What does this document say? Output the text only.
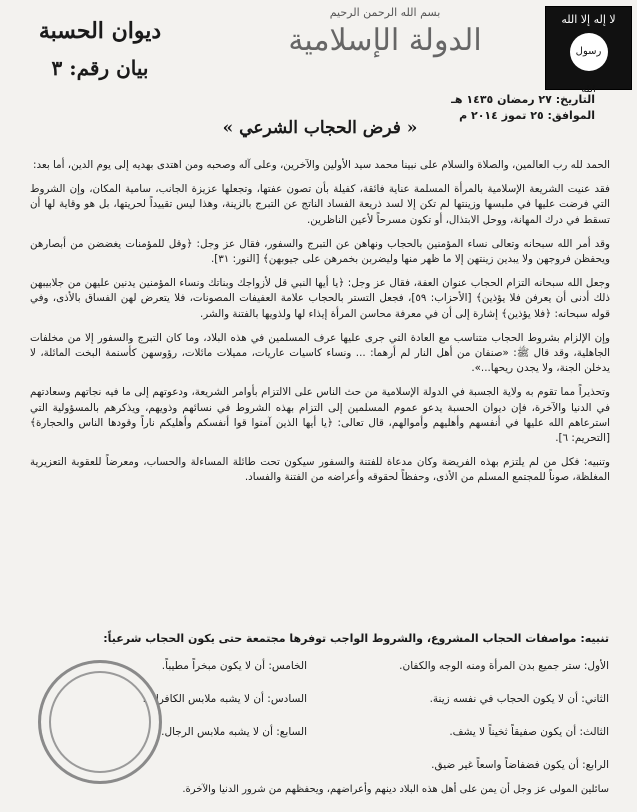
لا إله إلا الله
رسول الله
بسم الله الرحمن الرحيم
الدولة الإسلامية
ديوان الحسبة
بيان رقم: ٣
التاريخ: ٢٧ رمضان ١٤٣٥ هـ
الموافق: ٢٥ تموز ٢٠١٤ م
« فرض الحجاب الشرعي »

الحمد لله رب العالمين، والصلاة والسلام على نبينا محمد سيد الأولين والآخرين، وعلى آله وصحبه ومن اهتدى بهديه إلى يوم الدين، أما بعد:

فقد عنيت الشريعة الإسلامية بالمرأة المسلمة عناية فائقة، كفيلة بأن تصون عفتها، وتجعلها عزيزة الجانب، سامية المكان، وإن الشروط التي فرضت عليها في ملبسها وزينتها لم تكن إلا لسد ذريعة الفساد الناتج عن التبرج بالزينة، وهذا ليس تقييداً لحريتها، بل هو وقاية لها أن تسقط في درك المهانة، ووحل الابتذال، أو تكون مسرحاً لأعين الناظرين.

وقد أمر الله سبحانه وتعالى نساء المؤمنين بالحجاب ونهاهن عن التبرج والسفور، فقال عز وجل: ﴿وقل للمؤمنات يغضضن من أبصارهن ويحفظن فروجهن ولا يبدين زينتهن إلا ما ظهر منها وليضربن بخمرهن على جيوبهن﴾ [النور: ٣١].

وجعل الله سبحانه التزام الحجاب عنوان العفة، فقال عز وجل: ﴿يا أيها النبي قل لأزواجك وبناتك ونساء المؤمنين يدنين عليهن من جلابيبهن ذلك أدنى أن يعرفن فلا يؤذين﴾ [الأحزاب: ٥٩]، فجعل التستر بالحجاب علامة العفيفات المصونات، فلا يتعرض لهن الفساق بالأذى، وفي قوله سبحانه: ﴿فلا يؤذين﴾ إشارة إلى أن في معرفة محاسن المرأة إيذاء لها ولذويها بالفتنة والشر.

وإن الإلزام بشروط الحجاب متناسب مع العادة التي جرى عليها عرف المسلمين في هذه البلاد، وما كان التبرج والسفور إلا من مخلفات الجاهلية، وقد قال ﷺ: «صنفان من أهل النار لم أرهما: ... ونساء كاسيات عاريات، مميلات مائلات، رؤوسهن كأسنمة البخت المائلة، لا يدخلن الجنة، ولا يجدن ريحها...».

وتحذيراً مما تقوم به ولاية الجسبة في الدولة الإسلامية من حث الناس على الالتزام بأوامر الشريعة، ودعوتهم إلى ما فيه نجاتهم وسعادتهم في الدنيا والآخرة، فإن ديوان الحسبة يدعو عموم المسلمين إلى التزام بهذه الشروط في نسائهم وذويهم، ويذكرهم بالمسؤولية التي استرعاهم الله عليها في أنفسهم وأهليهم وأموالهم، قال تعالى: ﴿يا أيها الذين آمنوا قوا أنفسكم وأهليكم ناراً وقودها الناس والحجارة﴾ [التحريم: ٦].

وتنبيه: فكل من لم يلتزم بهذه الفريضة وكان مدعاة للفتنة والسفور سيكون تحت طائلة المساءلة والحساب، ومعرضاً للعقوبة التعزيرية المغلظة، صوناً للمجتمع المسلم من الأذى، وحفظاً لحقوقه وأعراضه من الفتنة والفساد.

تنبيه: مواصفات الحجاب المشروع، والشروط الواجب توفرها مجتمعة حتى يكون الحجاب شرعياً:
الأول: ستر جميع بدن المرأة ومنه الوجه والكفان.
الثاني: أن لا يكون الحجاب في نفسه زينة.
الثالث: أن يكون صفيقاً ثخيناً لا يشف.
الرابع: أن يكون فضفاضاً واسعاً غير ضيق.
الخامس: أن لا يكون مبخراً مطيباً.
السادس: أن لا يشبه ملابس الكافرات.
السابع: أن لا يشبه ملابس الرجال.
سائلين المولى عز وجل أن يمن على أهل هذه البلاد دينهم وأعراضهم، ويحفظهم من شرور الدنيا والآخرة.
